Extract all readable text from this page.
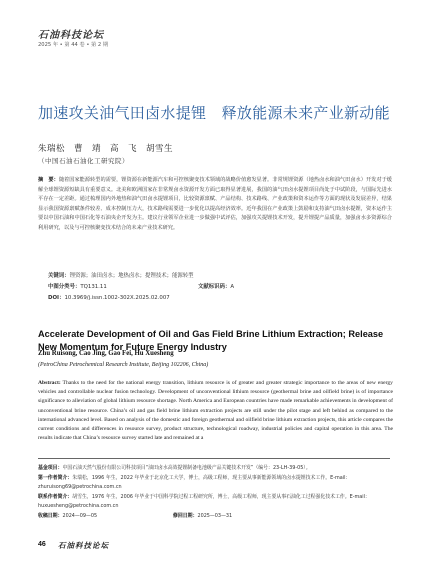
石油科技论坛
2025 年 • 第 44 卷 • 第 2 期
加速攻关油气田卤水提锂　释放能源未来产业新动能
朱瑞松　曹　靖　高　飞　胡雪生
（中国石油石油化工研究院）
摘　要：随着国家能源转型的需要，锂资源在新能源汽车和可控核聚变技术领域的战略价值愈发显著。非常规锂资源（地热卤水和油气田卤水）开发对于缓解全球锂资源短缺具有重要意义。北美和欧洲国家在非常规卤水资源开发方面已取得显著进展，我国的油气田卤水提锂项目尚处于中试阶段，与国际先进水平存在一定差距。通过梳理国内外地热和油气田卤水提锂项目，比较资源禀赋、产品结构、技术路线、产业政策和资本运作等方面的现状及发展差异，结果显示我国资源禀赋条件较差、成本控制压力大，技术路线需要进一步优化以提高经济效率。近年我国在产业政策上鼓励和支持油气田卤水提锂，资本运作主要以中国石油和中国石化等石油央企开发为主。建议行业领军企业进一步做强中试评估，加强攻关提锂技术开发，提升锂提产品质量，加强卤水多资源综合利用研究，以及与可控核聚变技术结合的未来产业技术研究。
关键词：锂资源；油田卤水；地热卤水；提锂技术；能源转型
中图分类号：TQ131.11	文献标识码：A
DOI：10.3969/j.issn.1002-302X.2025.02.007
Accelerate Development of Oil and Gas Field Brine Lithium Extraction; Release New Momentum for Future Energy Industry
Zhu Ruisong, Cao Jing, Gao Fei, Hu Xuesheng
(PetroChina Petrochemical Research Institute, Beijing 102206, China)
Abstract: Thanks to the need for the national energy transition, lithium resource is of greater and greater strategic importance to the areas of new energy vehicles and controllable nuclear fusion technology. Development of unconventional lithium resource (geothermal brine and oilfield brine) is of importance significance to alleviation of global lithium resource shortage. North America and European countries have made remarkable achievements in development of unconventional brine resource. China’s oil and gas field brine lithium extraction projects are still under the pilot stage and left behind as compared to the international advanced level. Based on analysis of the domestic and foreign geothermal and oilfield brine lithium extraction projects, this article compares the current conditions and differences in resource survey, product structure, technological roadway, industrial policies and capital operation in this area. The results indicate that China’s resource survey started late and remained at a
基金项目：中国石油天然气股份有限公司科技项目“油田卤水高效提锂制备电池级产品关键技术开发”（编号：23-LH-39-05）。
第一作者简介：朱瑞松，1996 年生，2022 年毕业于北京化工大学，博士，高级工程师，现主要从事新能源领域的卤水提锂技术工作。E-mail：zhuruisong69@petrochina.com.cn
联系作者简介：胡雪生，1976 年生，2006 年毕业于中国科学院过程工程研究所，博士，高级工程师，现主要从事石油化工过程强化技术工作。E-mail：huxuesheng@petrochina.com.cn
收稿日期：2024—09—05	修回日期：2025—03—31
46 石油科技论坛
